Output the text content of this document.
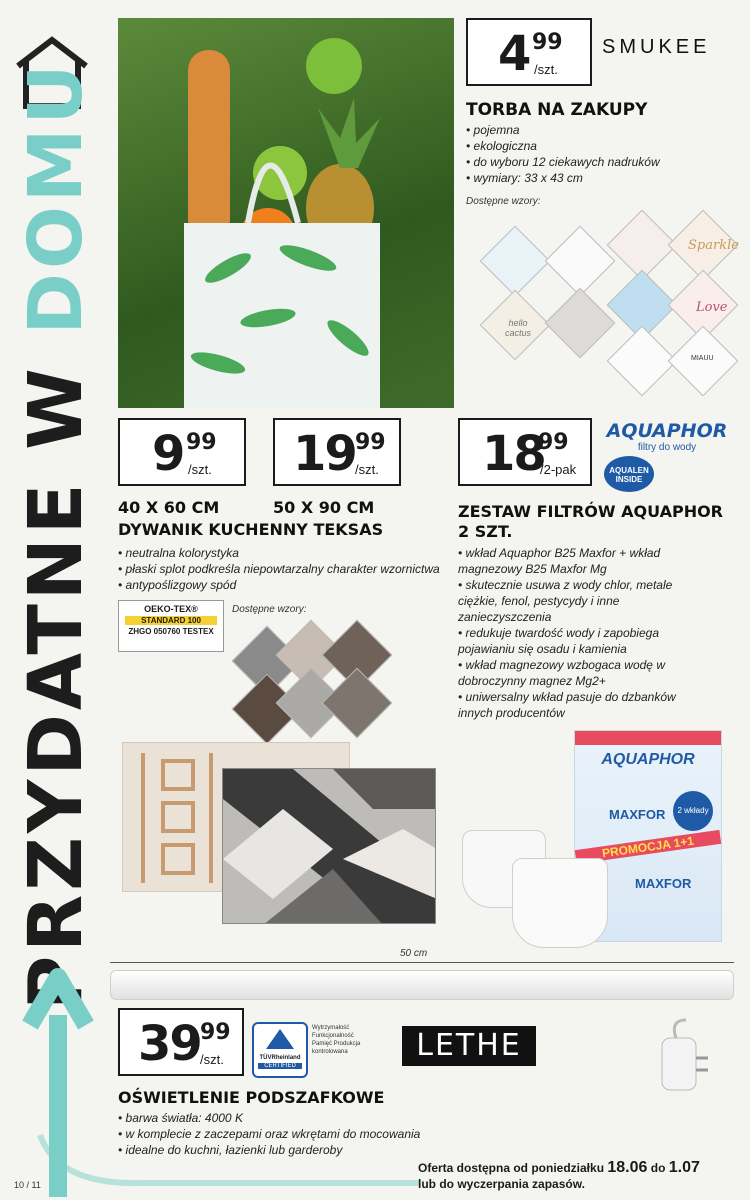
PRZYDATNE W DOMU
4 99
/szt.
SMUKEE
TORBA NA ZAKUPY
• pojemna
• ekologiczna
• do wyboru 12 ciekawych nadruków
• wymiary: 33 x 43 cm
Dostępne wzory:
Sparkle
Love
hello cactus
MIAUU
9 99
/szt. 19 99
/szt.
40 X 60 CM	50 X 90 CM
DYWANIK KUCHENNY TEKSAS
• neutralna kolorystyka
• płaski splot podkreśla niepowtarzalny charakter wzornictwa
• antypoślizgowy spód
OEKO-TEX®
STANDARD 100
ZHGO 050760 TESTEX
Dostępne wzory:
18
99
/2-pak
AQUAPHOR
filtry do wody
AQUALEN INSIDE
ZESTAW FILTRÓW AQUAPHOR
2 SZT.
• wkład Aquaphor B25 Maxfor + wkład magnezowy B25 Maxfor Mg
• skutecznie usuwa z wody chlor, metale ciężkie, fenol, pestycydy i inne zanieczyszczenia
• redukuje twardość wody i zapobiega pojawianiu się osadu i kamienia
• wkład magnezowy wzbogaca wodę w dobroczynny magnez Mg2+
• uniwersalny wkład pasuje do dzbanków innych producentów
AQUAPHOR
MAXFOR
PROMOCJA 1+1
MAXFOR
2 wkłady
50 cm
39 99
/szt.	TÜVRheinland
CERTIFIED
Wytrzymałość Funkcjonalność Pamięć Produkcja kontrolowana	LETHE
OŚWIETLENIE PODSZAFKOWE
• barwa światła: 4000 K
• w komplecie z zaczepami oraz wkrętami do mocowania
• idealne do kuchni, łazienki lub garderoby
Oferta dostępna od poniedziałku 18.06 do 1.07
lub do wyczerpania zapasów.
10 / 11
